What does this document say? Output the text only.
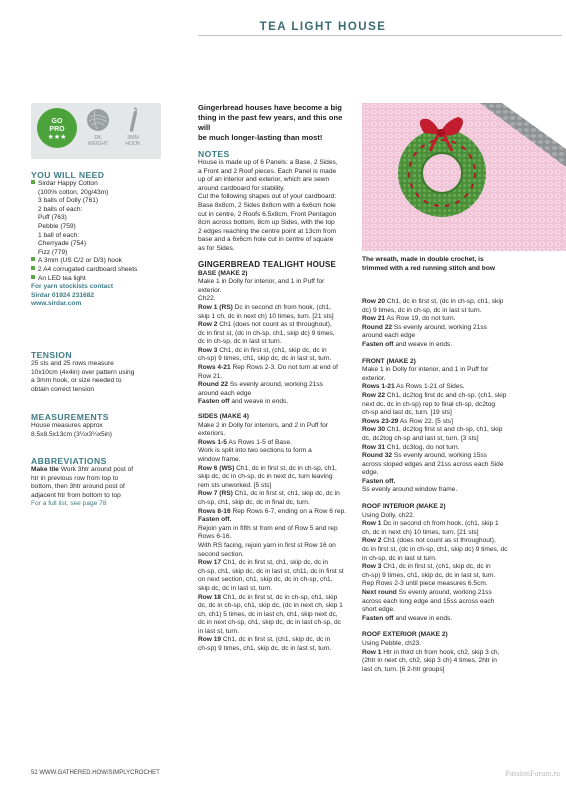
TEA LIGHT HOUSE
GO
PRO
★★★	DK
WEIGHT
3MM
HOOK

YOU WILL NEED

Sirdar Happy Cotton

(100% cotton, 20g/43m)

3 balls of Dolly (761)

2 balls of each:

Puff (763)

Pebble (759)

1 ball of each:

Cherryade (754)

Fizz (779)

A 3mm (US C/2 or D/3) hook

2 A4 corrugated cardboard sheets

An LED tea light

For yarn stockists contact

Sirdar 01924 231682

www.sirdar.com

TENSION

25 sts and 25 rows measure

10x10cm (4x4in) over pattern using

a 3mm hook, or size needed to

obtain correct tension

MEASUREMENTS

House measures approx

8.5x8.5x13cm (3¼x3¼x5in)

ABBREVIATIONS

Make tile Work 3htr around post of

htr in previous row from top to

bottom, then 3htr around post of

adjacent htr from bottom to top

For a full list, see page 78

Gingerbread houses have become a big

thing in the past few years, and this one will

be much longer-lasting than most!

NOTES

House is made up of 6 Panels: a Base, 2 Sides,

a Front and 2 Roof pieces. Each Panel is made

up of an interior and exterior, which are sewn

around cardboard for stability.

Cut the following shapes out of your cardboard:

Base 8x8cm, 2 Sides 8x8cm with a 6x6cm hole

cut in centre, 2 Roofs 6.5x8cm, Front Pentagon

8cm across bottom, 8cm up Sides, with the top

2 edges reaching the centre point at 13cm from

base and a 6x6cm hole cut in centre of square

as for Sides.

GINGERBREAD TEALIGHT HOUSE

BASE (MAKE 2)

Make 1 in Dolly for interior, and 1 in Puff for

exterior.

Ch22.

Row 1 (RS) Dc in second ch from hook, (ch1,

skip 1 ch, dc in next ch) 10 times, turn. [21 sts]

Row 2 Ch1 (does not count as st throughout),

dc in first st, (dc in ch-sp, ch1, skip dc) 9 times,

dc in ch-sp, dc in last st turn.

Row 3 Ch1, dc in first st, (ch1, skip dc, dc in

ch-sp) 9 times, ch1, skip dc, dc in last st, turn.

Rows 4-21 Rep Rows 2-3. Do not turn at end of

Row 21.

Round 22 Ss evenly around, working 21ss

around each edge

Fasten off and weave in ends.

SIDES (MAKE 4)

Make 2 in Dolly for interiors, and 2 in Puff for

exteriors.

Rows 1-5 As Rows 1-5 of Base.

Work is split into two sections to form a

window frame.

Row 6 (WS) Ch1, dc in first st, dc in ch-sp, ch1,

skip dc, dc in ch-sp, dc in next dc, turn leaving

rem sts unworked. [5 sts]

Row 7 (RS) Ch1, dc in first st, ch1, skip dc, dc in

ch-sp, ch1, skip dc, dc in final dc, turn.

Rows 8-16 Rep Rows 6-7, ending on a Row 6 rep.

Fasten off.

Rejoin yarn in fifth st from end of Row 5 and rep

Rows 6-16.

With RS facing, rejoin yarn in first st Row 16 on

second section.

Row 17 Ch1, dc in first st, ch1, skip dc, dc in

ch-sp, ch1, skip dc, dc in last st, ch11, dc in first st

on next section, ch1, skip dc, dc in ch-sp, ch1,

skip dc, dc in last st, turn.

Row 18 Ch1, dc in first st, dc in ch-sp, ch1, skip

dc, dc in ch-sp, ch1, skip dc, (dc in next ch, skip 1

ch, ch1) 5 times, dc in last ch, ch1, skip next dc,

dc in next ch-sp, ch1, skip dc, dc in last ch-sp, dc

in last st, turn.

Row 19 Ch1, dc in first st, (ch1, skip dc, dc in

ch-sp) 9 times, ch1, skip dc, dc in last st, turn.

The wreath, made in double crochet, is

trimmed with a red running stitch and bow

Row 20 Ch1, dc in first st, (dc in ch-sp, ch1, skip

dc) 9 times, dc in ch-sp, dc in last st turn.

Row 21 As Row 19, do not turn.

Round 22 Ss evenly around, working 21ss

around each edge

Fasten off and weave in ends.

FRONT (MAKE 2)

Make 1 in Dolly for interior, and 1 in Puff for

exterior.

Rows 1-21 As Rows 1-21 of Sides.

Row 22 Ch1, dc2tog first dc and ch-sp, (ch1, skip

next dc, dc in ch-sp) rep to final ch-sp, dc2tog

ch-sp and last dc, turn. [19 sts]

Rows 23-29 As Row 22. [5 sts]

Row 30 Ch1, dc2tog first st and ch-sp, ch1, skip

dc, dc2tog ch-sp and last st, turn. [3 sts]

Row 31 Ch1, dc3tog, do not turn.

Round 32 Ss evenly around, working 15ss

across sloped edges and 21ss across each Side

edge.

Fasten off.

Ss evenly around window frame.

ROOF INTERIOR (MAKE 2)

Using Dolly, ch22.

Row 1 Dc in second ch from hook, (ch1, skip 1

ch, dc in next ch) 10 times, turn. [21 sts]

Row 2 Ch1 (does not count as st throughout),

dc in first st, (dc in ch-sp, ch1, skip dc) 9 times, dc

in ch-sp, dc in last st turn.

Row 3 Ch1, dc in first st, (ch1, skip dc, dc in

ch-sp) 9 times, ch1, skip dc, dc in last st, turn.

Rep Rows 2-3 until piece measures 6.5cm.

Next round Ss evenly around, working 21ss

across each long edge and 15ss across each

short edge.

Fasten off and weave in ends.

ROOF EXTERIOR (MAKE 2)

Using Pebble, ch23.

Row 1 Htr in third ch from hook, ch2, skip 3 ch,

(2htr in next ch, ch2, skip 3 ch) 4 times, 2htr in

last ch, turn. [6 2-htr groups]

52 WWW.GATHERED.HOW/SIMPLYCROCHET	PassionForum.ru
